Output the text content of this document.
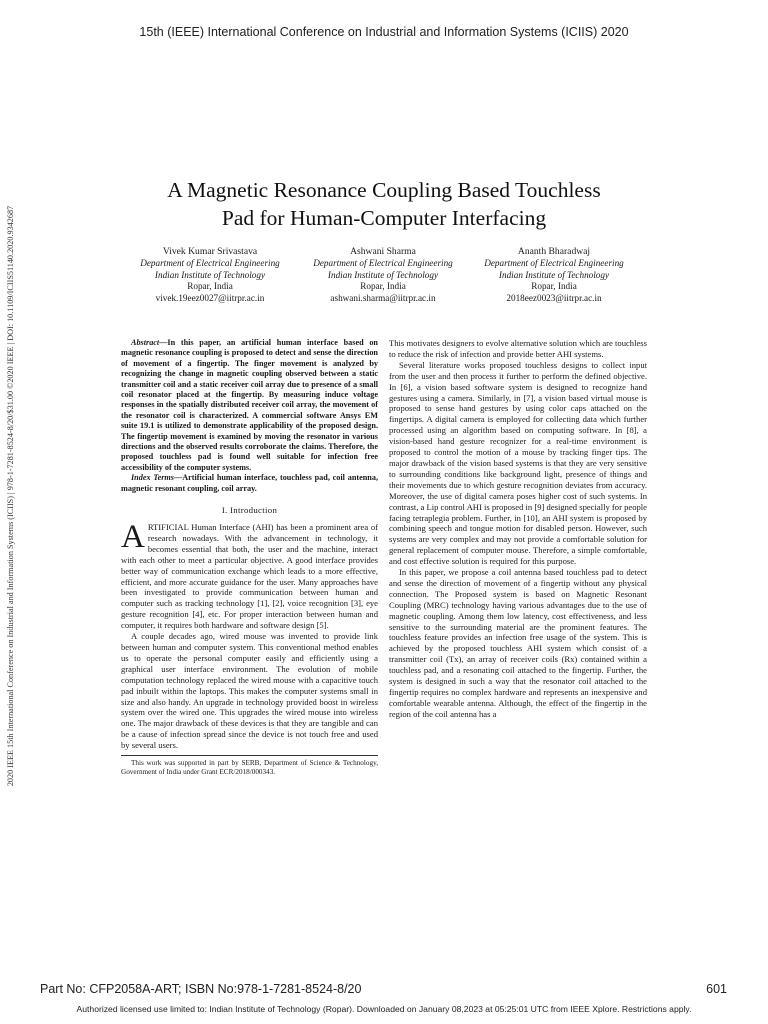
15th (IEEE) International Conference on Industrial and Information Systems (ICIIS) 2020
2020 IEEE 15th International Conference on Industrial and Information Systems (ICIIS) | 978-1-7281-8524-8/20/$31.00 ©2020 IEEE | DOI: 10.1109/ICIIS51140.2020.9342687
A Magnetic Resonance Coupling Based Touchless
Pad for Human-Computer Interfacing
Vivek Kumar Srivastava
Department of Electrical Engineering
Indian Institute of Technology
Ropar, India
vivek.19eez0027@iitrpr.ac.in
Ashwani Sharma
Department of Electrical Engineering
Indian Institute of Technology
Ropar, India
ashwani.sharma@iitrpr.ac.in
Ananth Bharadwaj
Department of Electrical Engineering
Indian Institute of Technology
Ropar, India
2018eez0023@iitrpr.ac.in

Abstract—In this paper, an artificial human interface based on magnetic resonance coupling is proposed to detect and sense the direction of movement of a fingertip. The finger movement is analyzed by recognizing the change in magnetic coupling observed between a static transmitter coil and a static receiver coil array due to presence of a small coil resonator placed at the fingertip. By measuring induce voltage responses in the spatially distributed receiver coil array, the movement of the resonator coil is characterized. A commercial software Ansys EM suite 19.1 is utilized to demonstrate applicability of the proposed design. The fingertip movement is examined by moving the resonator in various directions and the observed results corroborate the claims. Therefore, the proposed touchless pad is found well suitable for infection free accessibility of the computer systems.

Index Terms—Artificial human interface, touchless pad, coil antenna, magnetic resonant coupling, coil array.

I. Introduction

ARTIFICIAL Human Interface (AHI) has been a prominent area of research nowadays. With the advancement in technology, it becomes essential that both, the user and the machine, interact with each other to meet a particular objective. A good interface provides better way of communication exchange which leads to a more effective, efficient, and more accurate guidance for the user. Many approaches have been investigated to provide communication between human and computer such as tracking technology [1], [2], voice recognition [3], eye gesture recognition [4], etc. For proper interaction between human and computer, it requires both hardware and software design [5].

A couple decades ago, wired mouse was invented to provide link between human and computer system. This conventional method enables us to operate the personal computer easily and efficiently using a graphical user interface environment. The evolution of mobile computation technology replaced the wired mouse with a capacitive touch pad inbuilt within the laptops. This makes the computer systems small in size and also handy. An upgrade in technology provided boost in wireless system over the wired one. This upgrades the wired mouse into wireless one. The major drawback of these devices is that they are tangible and can be a cause of infection spread since the device is not touch free and used by several users.

This work was supported in part by SERB, Department of Science & Technology, Government of India under Grant ECR/2018/000343.

This motivates designers to evolve alternative solution which are touchless to reduce the risk of infection and provide better AHI systems.

Several literature works proposed touchless designs to collect input from the user and then process it further to perform the defined objective. In [6], a vision based software system is designed to recognize hand gestures using a camera. Similarly, in [7], a vision based virtual mouse is proposed to sense hand gestures by using color caps attached on the fingertips. A digital camera is employed for collecting data which further processed using an algorithm based on computing software. In [8], a vision-based hand gesture recognizer for a real-time environment is proposed to control the motion of a mouse by tracking finger tips. The major drawback of the vision based systems is that they are very sensitive to surrounding conditions like background light, presence of things and their movements due to which gesture recognition deviates from accuracy. Moreover, the use of digital camera poses higher cost of such systems. In contrast, a Lip control AHI is proposed in [9] designed specially for people facing tetraplegia problem. Further, in [10], an AHI system is proposed by combining speech and tongue motion for disabled person. However, such systems are very complex and may not provide a comfortable solution for general replacement of computer mouse. Therefore, a simple comfortable, and cost effective solution is required for this purpose.

In this paper, we propose a coil antenna based touchless pad to detect and sense the direction of movement of a fingertip without any physical connection. The Proposed system is based on Magnetic Resonant Coupling (MRC) technology having various advantages due to the use of magnetic coupling. Among them low latency, cost effectiveness, and less sensitive to the surrounding material are the prominent features. The touchless feature provides an infection free usage of the system. This is achieved by the proposed touchless AHI system which consist of a transmitter coil (Tx), an array of receiver coils (Rx) contained within a touchless pad, and a resonating coil attached to the fingertip. Further, the system is designed in such a way that the resonator coil attached to the fingertip requires no complex hardware and represents an inexpensive and comfortable wearable antenna. Although, the effect of the fingertip in the region of the coil antenna has a

Part No: CFP2058A-ART; ISBN No:978-1-7281-8524-8/20	601
Authorized licensed use limited to: Indian Institute of Technology (Ropar). Downloaded on January 08,2023 at 05:25:01 UTC from IEEE Xplore. Restrictions apply.
